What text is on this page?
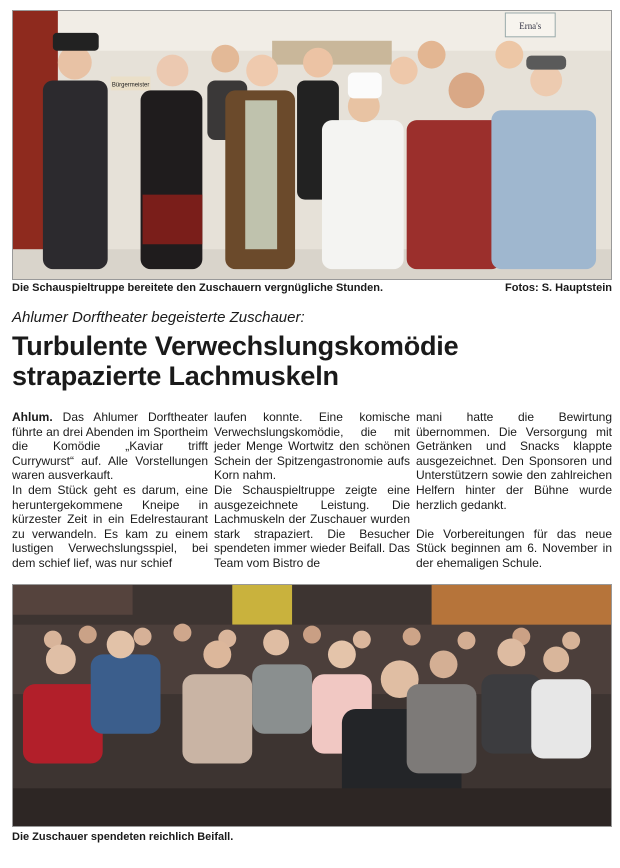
Erna's
Bürgermeister
Die Schauspieltruppe bereitete den Zuschauern vergnügliche Stunden.	Fotos: S. Hauptstein
Ahlumer Dorftheater begeisterte Zuschauer:
Turbulente Verwechslungskomödie
strapazierte Lachmuskeln

Ahlum. Das Ahlumer Dorftheater führte an drei Abenden im Sportheim die Komödie „Kaviar trifft Currywurst“ auf. Alle Vorstellungen waren ausverkauft.

In dem Stück geht es darum, eine heruntergekommene Kneipe in kürzester Zeit in ein Edelrestaurant zu verwandeln. Es kam zu einem lustigen Verwechslungsspiel, bei dem schief lief, was nur schief

laufen konnte. Eine komische Verwechslungskomödie, die mit jeder Menge Wortwitz den schönen Schein der Spitzengastronomie aufs Korn nahm.

Die Schauspieltruppe zeigte eine ausgezeichnete Leistung. Die Lachmuskeln der Zuschauer wurden stark strapaziert. Die Besucher spendeten immer wieder Beifall. Das Team vom Bistro de

mani hatte die Bewirtung übernommen. Die Versorgung mit Getränken und Snacks klappte ausgezeichnet. Den Sponsoren und Unterstützern sowie den zahlreichen Helfern hinter der Bühne wurde herzlich gedankt.

Die Vorbereitungen für das neue Stück beginnen am 6. November in der ehemaligen Schule.

Die Zuschauer spendeten reichlich Beifall.
